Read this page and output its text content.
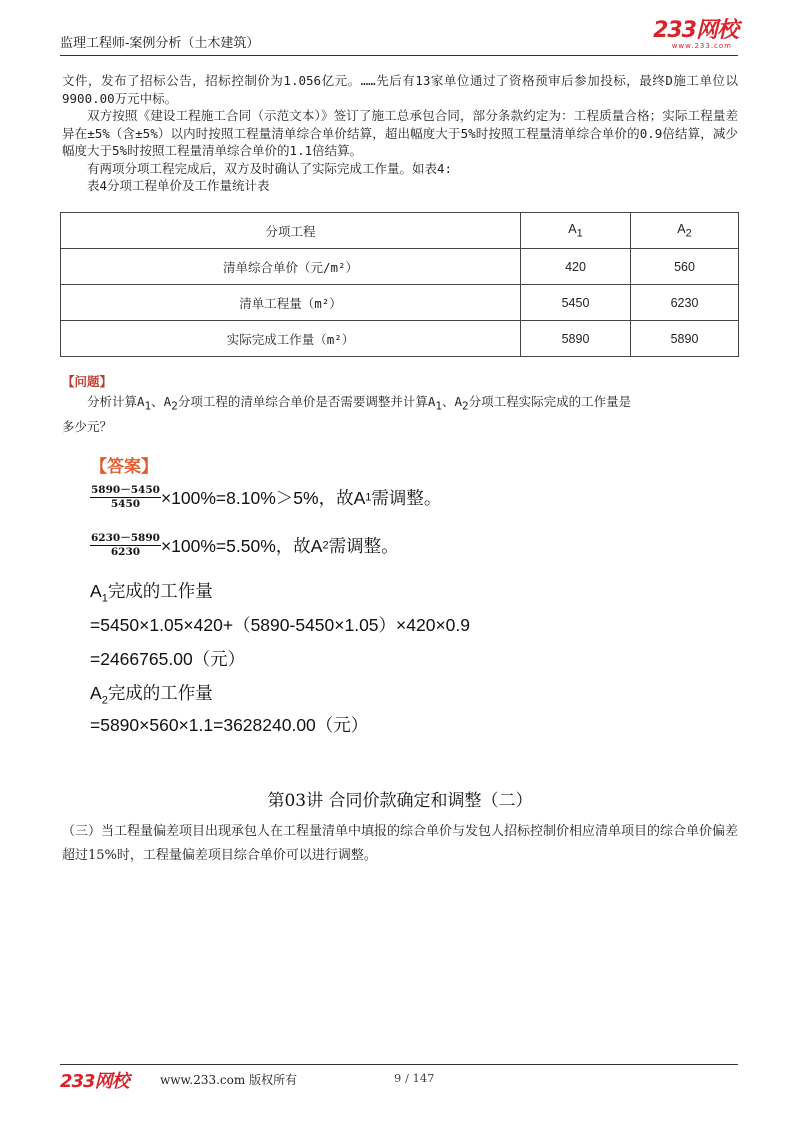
监理工程师-案例分析（土木建筑）
233网校
www.233.com
文件，发布了招标公告，招标控制价为1.056亿元。……先后有13家单位通过了资格预审后参加投标，最终D施工单位以9900.00万元中标。
双方按照《建设工程施工合同（示范文本）》签订了施工总承包合同，部分条款约定为：工程质量合格；实际工程量差异在±5%（含±5%）以内时按照工程量清单综合单价结算，超出幅度大于5%时按照工程量清单综合单价的0.9倍结算，减少幅度大于5%时按照工程量清单综合单价的1.1倍结算。
有两项分项工程完成后，双方及时确认了实际完成工作量。如表4:
表4分项工程单价及工作量统计表
分项工程	$A_1$	$A_2$
清单综合单价（元/m²）	420	560
清单工程量（m²）	5450	6230
实际完成工作量（m²）	5890	5890
【问题】
分析计算$A_1$、$A_2$分项工程的清单综合单价是否需要调整并计算$A_1$、$A_2$分项工程实际完成的工作量是
多少元？
【答案】
$\frac{5890-5450}{5450} \times 100\%=8.10\%>5\%$，故A1需调整。
$\frac{6230-5890}{6230} \times 100\%=5.50\%$，故A2需调整。
$A_1$完成的工作量
=5450×1.05×420+（5890-5450×1.05）×420×0.9
=2466765.00（元）
$A_2$完成的工作量
=5890×560×1.1=3628240.00（元）
第03讲 合同价款确定和调整（二）
（三）当工程量偏差项目出现承包人在工程量清单中填报的综合单价与发包人招标控制价相应清单项目的综合单价偏差超过15%时，工程量偏差项目综合单价可以进行调整。
233网校	www.233.com 版权所有	9 / 147
